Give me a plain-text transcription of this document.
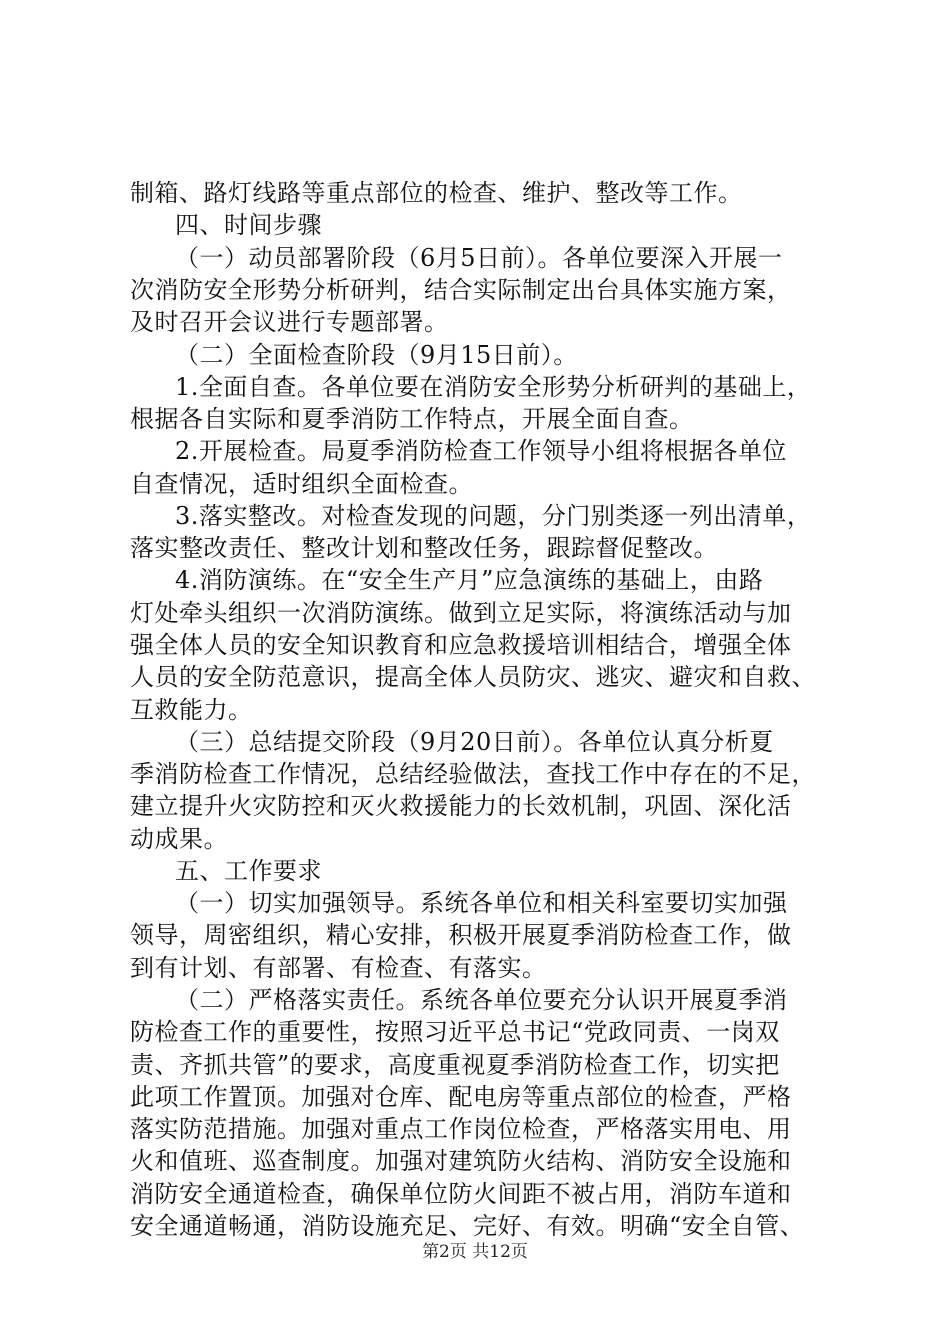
制箱、路灯线路等重点部位的检查、维护、整改等工作。
四、时间步骤
（一）动员部署阶段（6月5日前）。各单位要深入开展一
次消防安全形势分析研判，结合实际制定出台具体实施方案，
及时召开会议进行专题部署。
（二）全面检查阶段（9月15日前）。
1.全面自查。各单位要在消防安全形势分析研判的基础上，
根据各自实际和夏季消防工作特点，开展全面自查。
2.开展检查。局夏季消防检查工作领导小组将根据各单位
自查情况，适时组织全面检查。
3.落实整改。对检查发现的问题，分门别类逐一列出清单，
落实整改责任、整改计划和整改任务，跟踪督促整改。
4.消防演练。在“安全生产月”应急演练的基础上，由路
灯处牵头组织一次消防演练。做到立足实际，将演练活动与加
强全体人员的安全知识教育和应急救援培训相结合，增强全体
人员的安全防范意识，提高全体人员防灾、逃灾、避灾和自救、
互救能力。
（三）总结提交阶段（9月20日前）。各单位认真分析夏
季消防检查工作情况，总结经验做法，查找工作中存在的不足，
建立提升火灾防控和灭火救援能力的长效机制，巩固、深化活
动成果。
五、工作要求
（一）切实加强领导。系统各单位和相关科室要切实加强
领导，周密组织，精心安排，积极开展夏季消防检查工作，做
到有计划、有部署、有检查、有落实。
（二）严格落实责任。系统各单位要充分认识开展夏季消
防检查工作的重要性，按照习近平总书记“党政同责、一岗双
责、齐抓共管”的要求，高度重视夏季消防检查工作，切实把
此项工作置顶。加强对仓库、配电房等重点部位的检查，严格
落实防范措施。加强对重点工作岗位检查，严格落实用电、用
火和值班、巡查制度。加强对建筑防火结构、消防安全设施和
消防安全通道检查，确保单位防火间距不被占用，消防车道和
安全通道畅通，消防设施充足、完好、有效。明确“安全自管、
第2页 共12页
